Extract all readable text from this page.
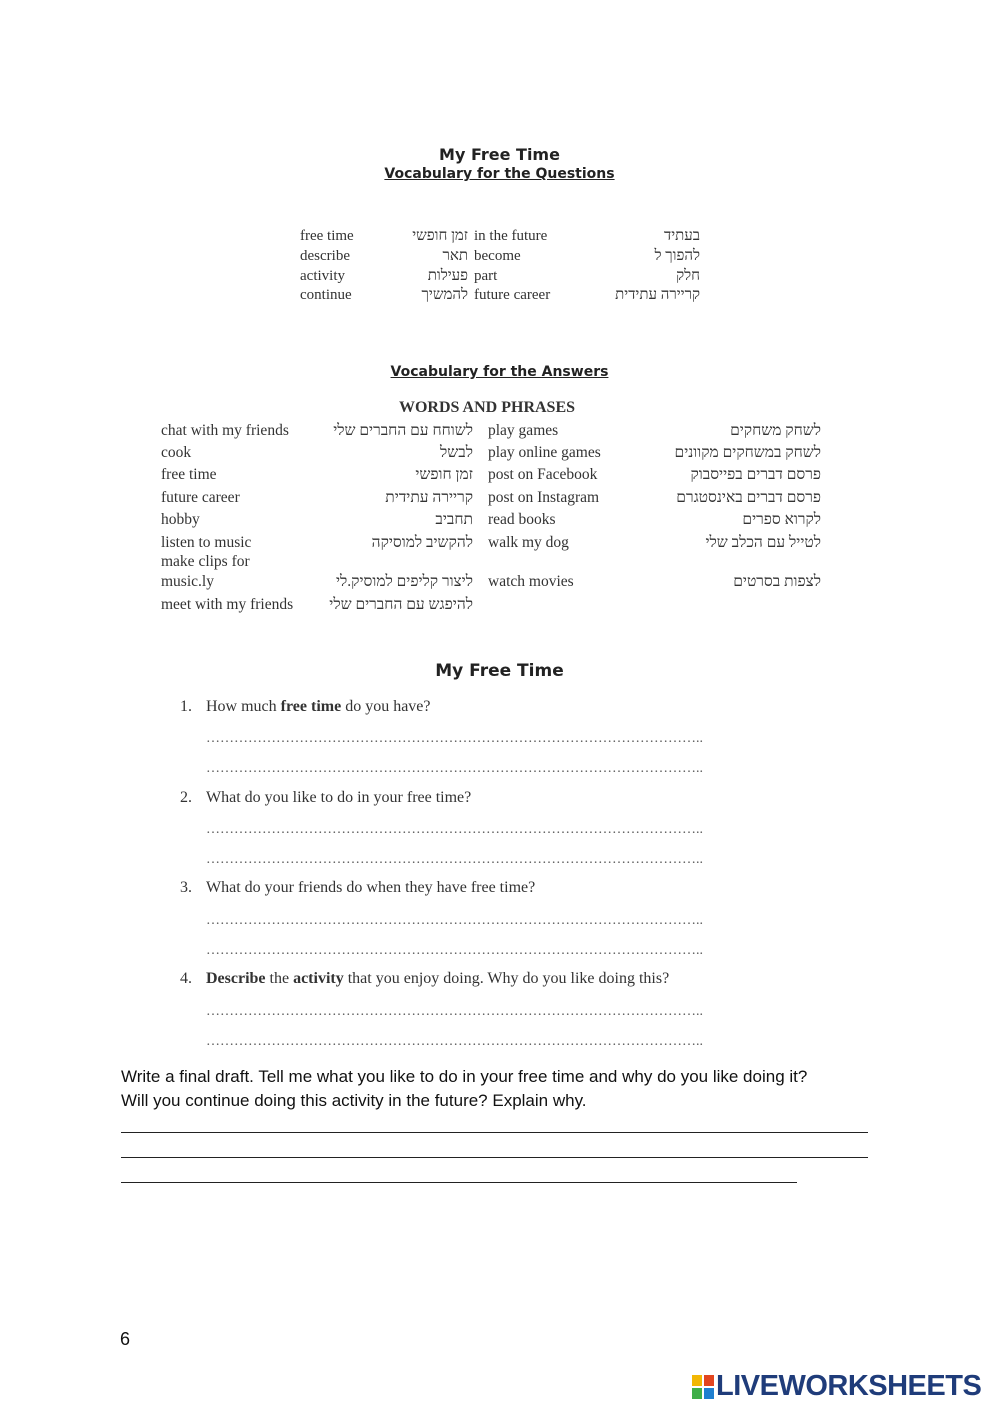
My Free Time
Vocabulary for the Questions
free time	זמן חופשי in the future	בעתיד
describe	תאר become	להפוך ל
activity	פעילות part	חלק
continue	להמשיך future career	קריירה עתידית
Vocabulary for the Answers
WORDS AND PHRASES
chat with my friends	לשוחח עם החברים שלי play games	לשחק משחקים
cook	לבשל play online games	לשחק במשחקים מקוונים
free time	זמן חופשי post on Facebook	פרסם דברים בפייסבוק
future career	קריירה עתידית post on Instagram	פרסם דברים באינסטגרם
hobby	תחביב read books	לקרוא ספרים
listen to music	להקשיב למוסיקה walk my dog	לטייל עם הכלב שלי
make clips for
music.ly	ליצור קליפים למוסיק.לי watch movies	לצפות בסרטים
meet with my friends להיפגש עם החברים שלי
My Free Time
1. How much free time do you have?
……………………………………………………………………………………………..
……………………………………………………………………………………………..
2. What do you like to do in your free time?
……………………………………………………………………………………………..
……………………………………………………………………………………………..
3. What do your friends do when they have free time?
……………………………………………………………………………………………..
……………………………………………………………………………………………..
4. Describe the activity that you enjoy doing. Why do you like doing this?
……………………………………………………………………………………………..
……………………………………………………………………………………………..
Write a final draft. Tell me what you like to do in your free time and why do you like doing it?
Will you continue doing this activity in the future? Explain why.
6
LIVEWORKSHEETS
